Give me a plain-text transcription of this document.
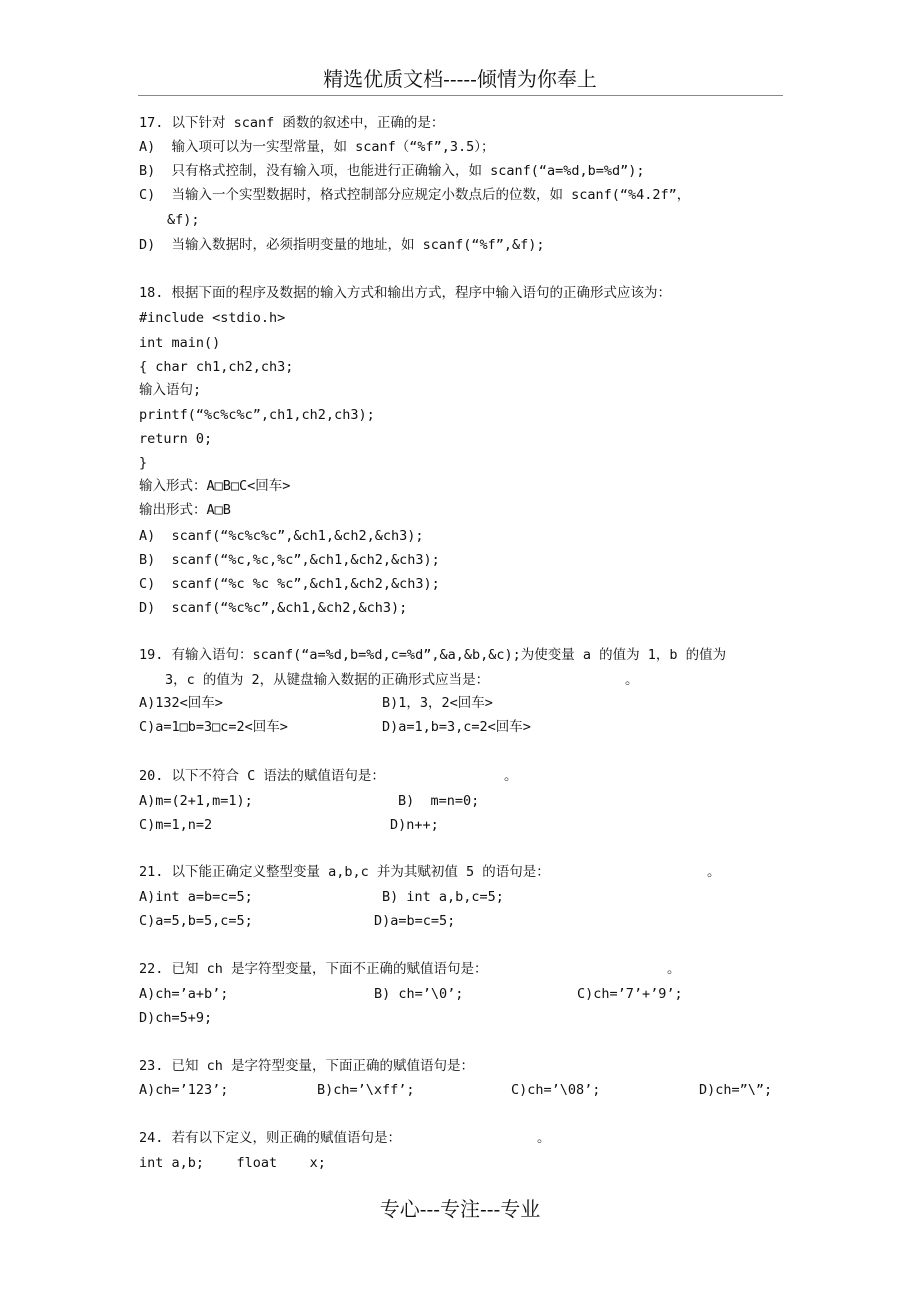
精选优质文档-----倾情为你奉上
17. 以下针对 scanf 函数的叙述中，正确的是：
A)  输入项可以为一实型常量，如 scanf（“%f”,3.5）；
B)  只有格式控制，没有输入项，也能进行正确输入，如 scanf(“a=%d,b=%d”);
C)  当输入一个实型数据时，格式控制部分应规定小数点后的位数，如 scanf(“%4.2f”，
&f);
D)  当输入数据时，必须指明变量的地址，如 scanf(“%f”,&f);
18. 根据下面的程序及数据的输入方式和输出方式，程序中输入语句的正确形式应该为：
#include <stdio.h>
int main()
{ char ch1,ch2,ch3;
输入语句;
printf(“%c%c%c”,ch1,ch2,ch3);
return 0;
}
输入形式：A□B□C<回车>
输出形式：A□B
A)  scanf(“%c%c%c”,&ch1,&ch2,&ch3);
B)  scanf(“%c,%c,%c”,&ch1,&ch2,&ch3);
C)  scanf(“%c %c %c”,&ch1,&ch2,&ch3);
D)  scanf(“%c%c”,&ch1,&ch2,&ch3);
19. 有输入语句：scanf(“a=%d,b=%d,c=%d”,&a,&b,&c);为使变量 a 的值为 1，b 的值为
3，c 的值为 2，从键盘输入数据的正确形式应当是：	。
A)132<回车>	B)1，3，2<回车>
C)a=1□b=3□c=2<回车>	D)a=1,b=3,c=2<回车>
20. 以下不符合 C 语法的赋值语句是：	。
A)m=(2+1,m=1);	B)  m=n=0;
C)m=1,n=2	D)n++;
21. 以下能正确定义整型变量 a,b,c 并为其赋初值 5 的语句是：	。
A)int a=b=c=5;	B) int a,b,c=5;
C)a=5,b=5,c=5;	D)a=b=c=5;
22. 已知 ch 是字符型变量，下面不正确的赋值语句是：	。
A)ch=’a+b’;	B) ch=’\0’;	C)ch=’7’+’9’;
D)ch=5+9;
23. 已知 ch 是字符型变量，下面正确的赋值语句是：
A)ch=’123’;	B)ch=’\xff’;	C)ch=’\08’;	D)ch=”\”;
24. 若有以下定义，则正确的赋值语句是：	。
int a,b;    float    x;
专心---专注---专业
